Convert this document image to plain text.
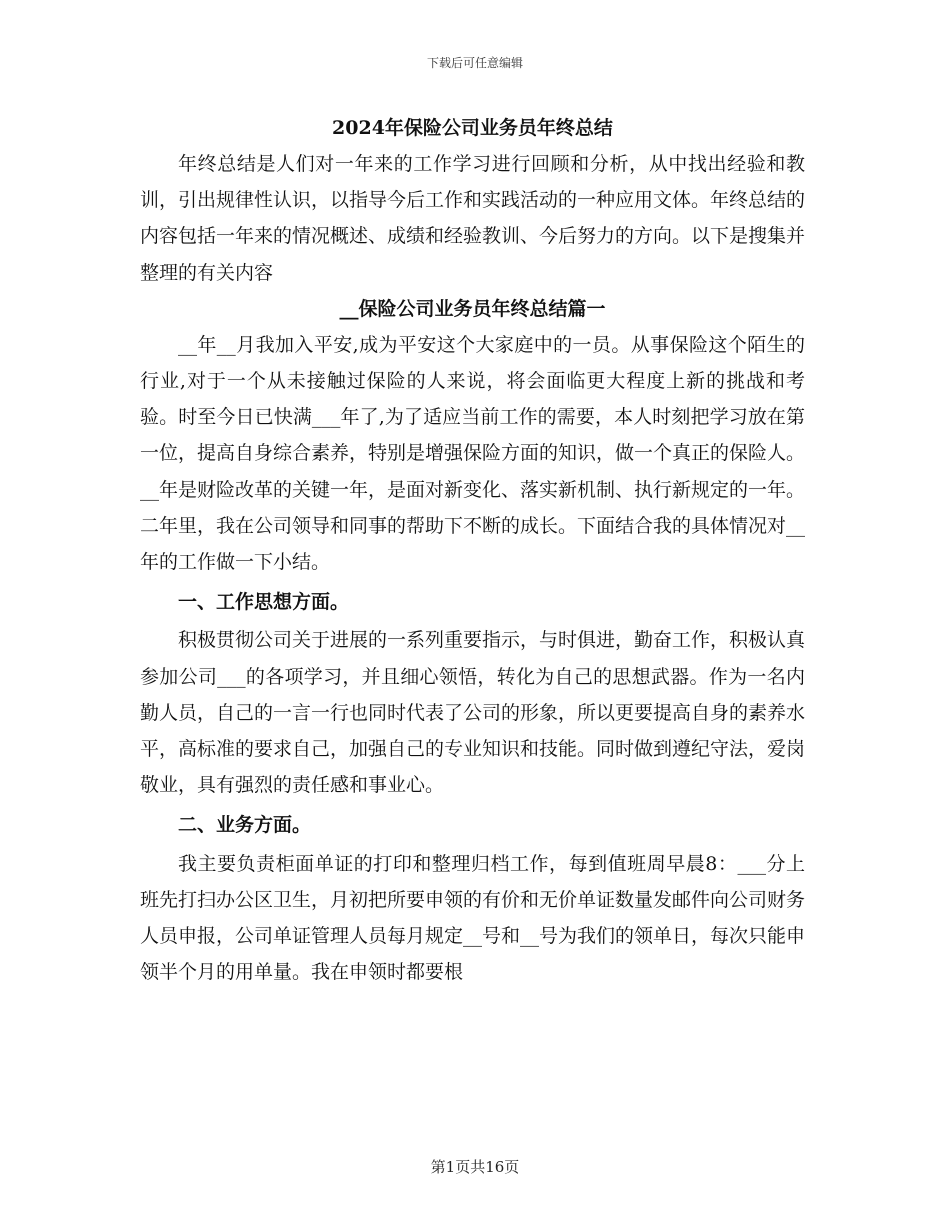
下载后可任意编辑
2024年保险公司业务员年终总结

年终总结是人们对一年来的工作学习进行回顾和分析，从中找出经验和教训，引出规律性认识，以指导今后工作和实践活动的一种应用文体。年终总结的内容包括一年来的情况概述、成绩和经验教训、今后努力的方向。以下是搜集并整理的有关内容

__保险公司业务员年终总结篇一

__年__月我加入平安,成为平安这个大家庭中的一员。从事保险这个陌生的行业,对于一个从未接触过保险的人来说，将会面临更大程度上新的挑战和考验。时至今日已快满___年了,为了适应当前工作的需要，本人时刻把学习放在第一位，提高自身综合素养，特别是增强保险方面的知识，做一个真正的保险人。__年是财险改革的关键一年，是面对新变化、落实新机制、执行新规定的一年。二年里，我在公司领导和同事的帮助下不断的成长。下面结合我的具体情况对__年的工作做一下小结。

一、工作思想方面。

积极贯彻公司关于进展的一系列重要指示，与时俱进，勤奋工作，积极认真参加公司___的各项学习，并且细心领悟，转化为自己的思想武器。作为一名内勤人员，自己的一言一行也同时代表了公司的形象，所以更要提高自身的素养水平，高标准的要求自己，加强自己的专业知识和技能。同时做到遵纪守法，爱岗敬业，具有强烈的责任感和事业心。

二、业务方面。

我主要负责柜面单证的打印和整理归档工作，每到值班周早晨8：___分上班先打扫办公区卫生，月初把所要申领的有价和无价单证数量发邮件向公司财务人员申报，公司单证管理人员每月规定__号和__号为我们的领单日，每次只能申领半个月的用单量。我在申领时都要根

第1页共16页
